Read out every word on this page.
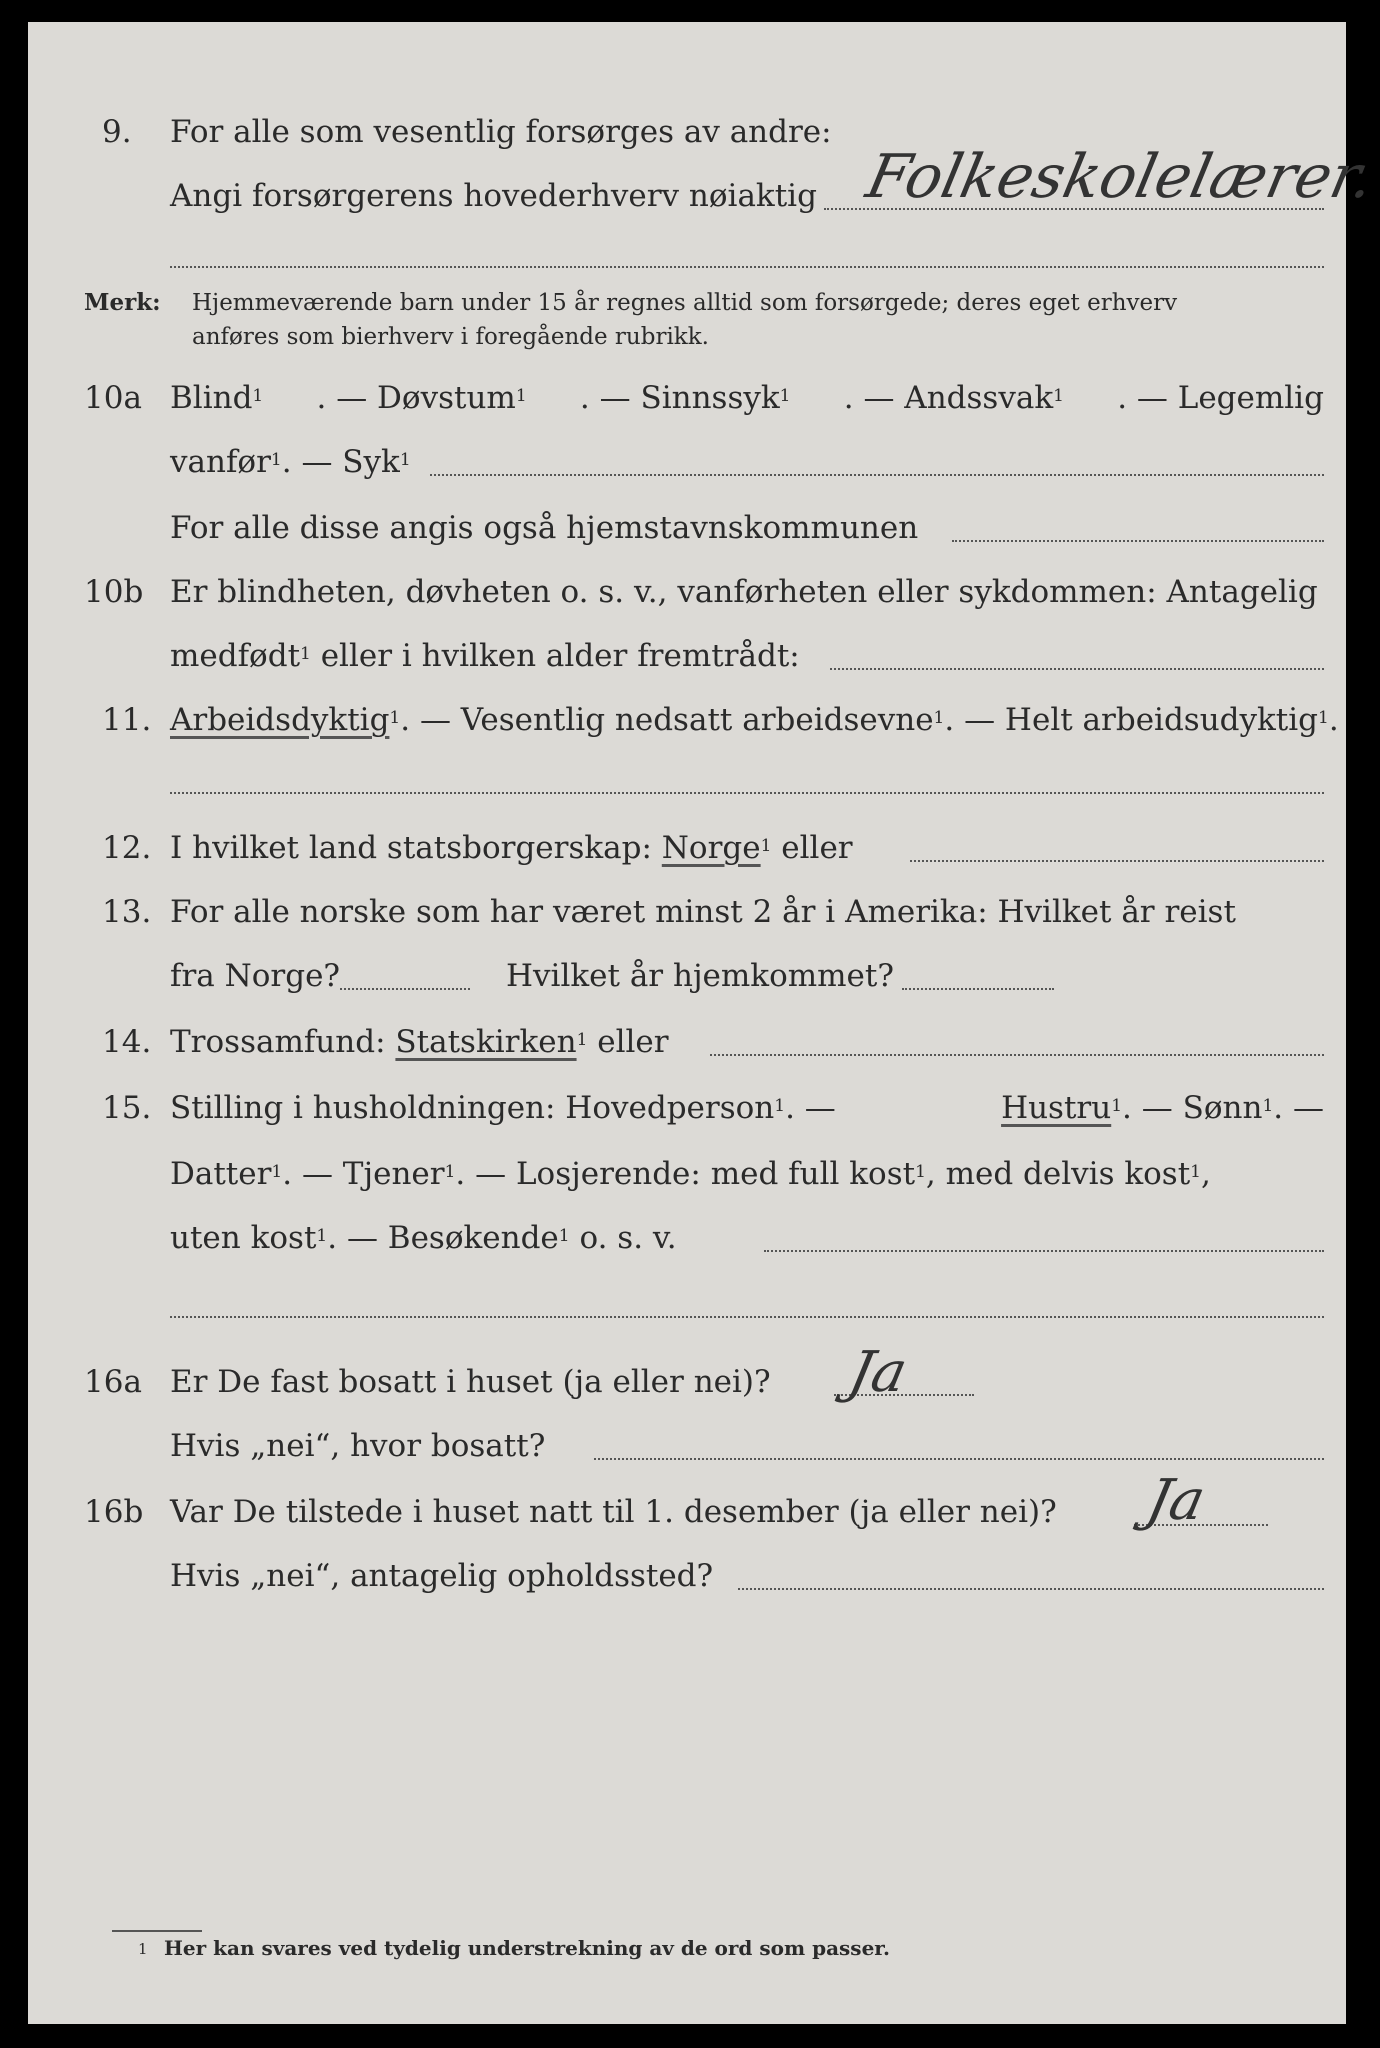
9. For alle som vesentlig forsørges av andre:
Angi forsørgerens hovederhverv nøiaktig Folkeskolelærer.
Merk: Hjemmeværende barn under 15 år regnes alltid som forsørgede; deres eget erhverv
anføres som bierhverv i foregående rubrikk.
10a Blind$^1$ . — Døvstum$^1$ . — Sinnssyk$^1$ . — Andssvak$^1$ . — Legemlig
vanfør$^1$. — Syk$^1$
For alle disse angis også hjemstavnskommunen
10b Er blindheten, døvheten o. s. v., vanførheten eller sykdommen: Antagelig
medfødt$^1$ eller i hvilken alder fremtrådt:
11. Arbeidsdyktig$^1$. — Vesentlig nedsatt arbeidsevne$^1$. — Helt arbeidsudyktig$^1$.
12. I hvilket land statsborgerskap: Norge$^1$ eller
13. For alle norske som har været minst 2 år i Amerika: Hvilket år reist
fra Norge?	Hvilket år hjemkommet?
14. Trossamfund: Statskirken$^1$ eller
15. Stilling i husholdningen: Hovedperson$^1$. —	Hustru$^1$. — Sønn$^1$. —
Datter$^1$. — Tjener$^1$. — Losjerende: med full kost$^1$, med delvis kost$^1$,
uten kost$^1$. — Besøkende$^1$ o. s. v.
16a Er De fast bosatt i huset (ja eller nei)? Ja
Hvis „nei“, hvor bosatt?
16b Var De tilstede i huset natt til 1. desember (ja eller nei)? Ja
Hvis „nei“, antagelig opholdssted?
1 Her kan svares ved tydelig understrekning av de ord som passer.
